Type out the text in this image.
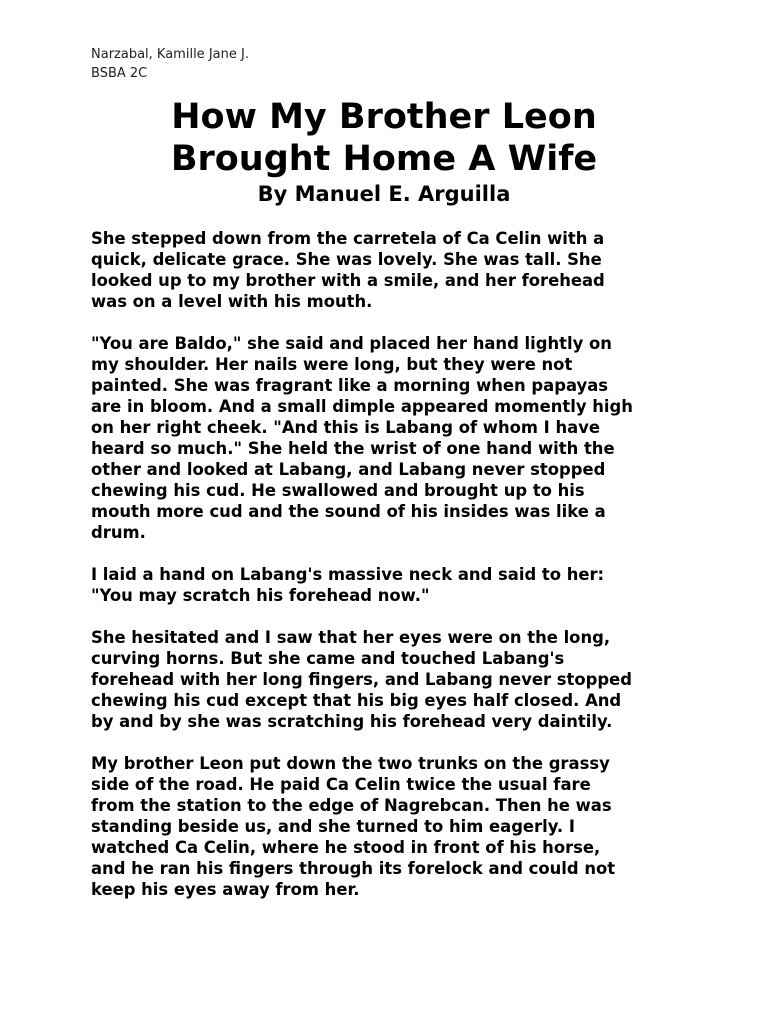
Narzabal, Kamille Jane J.
BSBA 2C
How My Brother Leon
Brought Home A Wife
By Manuel E. Arguilla

She stepped down from the carretela of Ca Celin with a
quick, delicate grace. She was lovely. She was tall. She
looked up to my brother with a smile, and her forehead
was on a level with his mouth.

"You are Baldo," she said and placed her hand lightly on
my shoulder. Her nails were long, but they were not
painted. She was fragrant like a morning when papayas
are in bloom. And a small dimple appeared momently high
on her right cheek. "And this is Labang of whom I have
heard so much." She held the wrist of one hand with the
other and looked at Labang, and Labang never stopped
chewing his cud. He swallowed and brought up to his
mouth more cud and the sound of his insides was like a
drum.

I laid a hand on Labang's massive neck and said to her:
"You may scratch his forehead now."

She hesitated and I saw that her eyes were on the long,
curving horns. But she came and touched Labang's
forehead with her long fingers, and Labang never stopped
chewing his cud except that his big eyes half closed. And
by and by she was scratching his forehead very daintily.

My brother Leon put down the two trunks on the grassy
side of the road. He paid Ca Celin twice the usual fare
from the station to the edge of Nagrebcan. Then he was
standing beside us, and she turned to him eagerly. I
watched Ca Celin, where he stood in front of his horse,
and he ran his fingers through its forelock and could not
keep his eyes away from her.
